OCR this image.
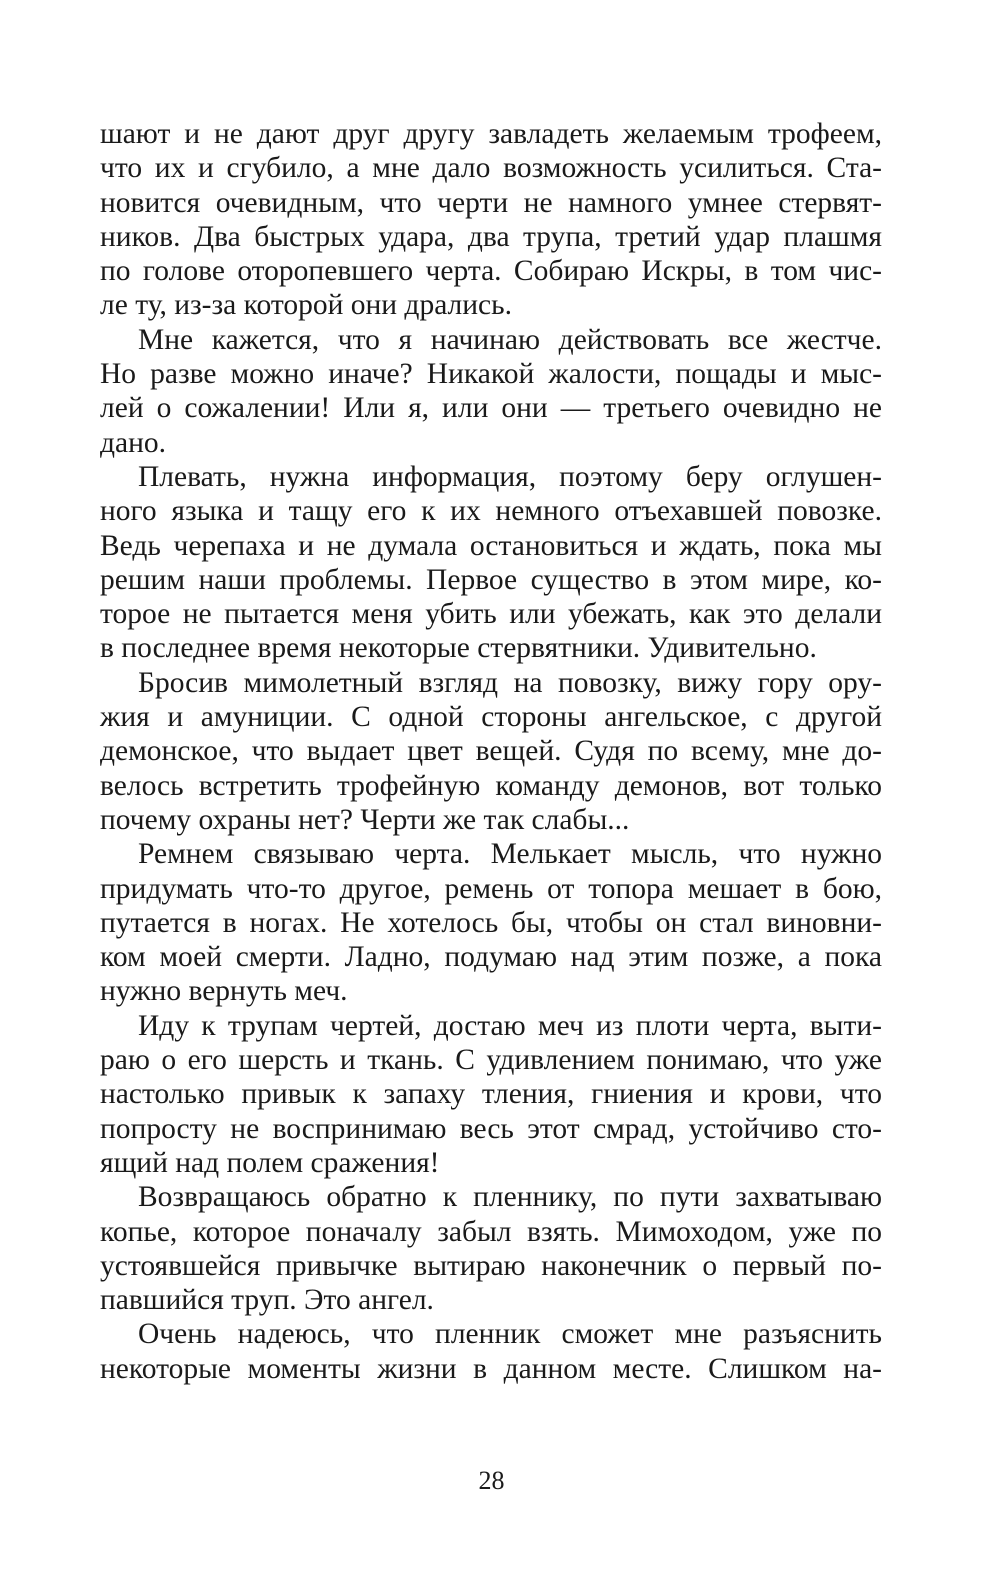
шают и не дают друг другу завладеть желаемым трофеем,
что их и сгубило, а мне дало возможность усилиться. Ста-
новится очевидным, что черти не намного умнее стервят-
ников. Два быстрых удара, два трупа, третий удар плашмя
по голове оторопевшего черта. Собираю Искры, в том чис-
ле ту, из-за которой они дрались.
Мне кажется, что я начинаю действовать все жестче.
Но разве можно иначе? Никакой жалости, пощады и мыс-
лей о сожалении! Или я, или они — третьего очевидно не
дано.
Плевать, нужна информация, поэтому беру оглушен-
ного языка и тащу его к их немного отъехавшей повозке.
Ведь черепаха и не думала остановиться и ждать, пока мы
решим наши проблемы. Первое существо в этом мире, ко-
торое не пытается меня убить или убежать, как это делали
в последнее время некоторые стервятники. Удивительно.
Бросив мимолетный взгляд на повозку, вижу гору ору-
жия и амуниции. С одной стороны ангельское, с другой
демонское, что выдает цвет вещей. Судя по всему, мне до-
велось встретить трофейную команду демонов, вот только
почему охраны нет? Черти же так слабы...
Ремнем связываю черта. Мелькает мысль, что нужно
придумать что-то другое, ремень от топора мешает в бою,
путается в ногах. Не хотелось бы, чтобы он стал виновни-
ком моей смерти. Ладно, подумаю над этим позже, а пока
нужно вернуть меч.
Иду к трупам чертей, достаю меч из плоти черта, выти-
раю о его шерсть и ткань. С удивлением понимаю, что уже
настолько привык к запаху тления, гниения и крови, что
попросту не воспринимаю весь этот смрад, устойчиво сто-
ящий над полем сражения!
Возвращаюсь обратно к пленнику, по пути захватываю
копье, которое поначалу забыл взять. Мимоходом, уже по
устоявшейся привычке вытираю наконечник о первый по-
павшийся труп. Это ангел.
Очень надеюсь, что пленник сможет мне разъяснить
некоторые моменты жизни в данном месте. Слишком на-
28
